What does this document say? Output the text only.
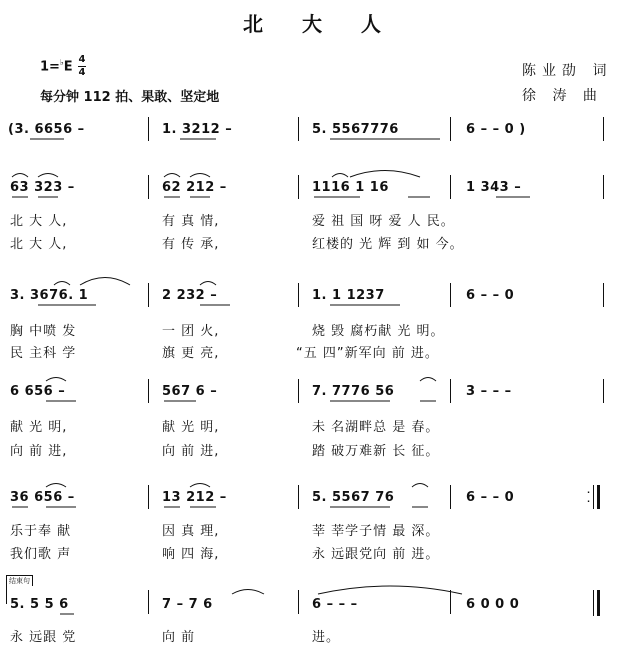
北 大 人
1=♭E 4
4
每分钟 112 拍、果敢、坚定地
陈业劭 词
徐 涛 曲
(3. 6656 –	1. 3212 –	5. 5567776	6 – – 0 )
63 323 –	62 212 –	1116 1 16	1 343 –
北 大 人,	有 真 情,	爱 祖 国 呀 爱 人 民。
北 大 人,	有 传 承,	红楼的 光 辉 到 如 今。
3. 3676. 1	2 232 –	1. 1 1237	6 – – 0
胸 中喷 发	一 团 火,	烧 毁 腐朽献 光 明。
民 主科 学	旗 更 亮,	“五 四”新军向 前 进。
6 656 –	567 6 –	7. 7776 56	3 – – –
献 光 明,	献 光 明,	未 名湖畔总 是 春。
向 前 进,	向 前 进,	踏 破万难新 长 征。
36 656 –	13 212 –	5. 5567 76	6 – – 0
乐于奉 献	因 真 理,	莘 莘学子情 最 深。
我们歌 声	响 四 海,	永 远跟党向 前 进。
结束句
5. 5 5 6	7 – 7 6	6 – – –	6 0 0 0
永 远跟 党	向 前	进。
·
·
